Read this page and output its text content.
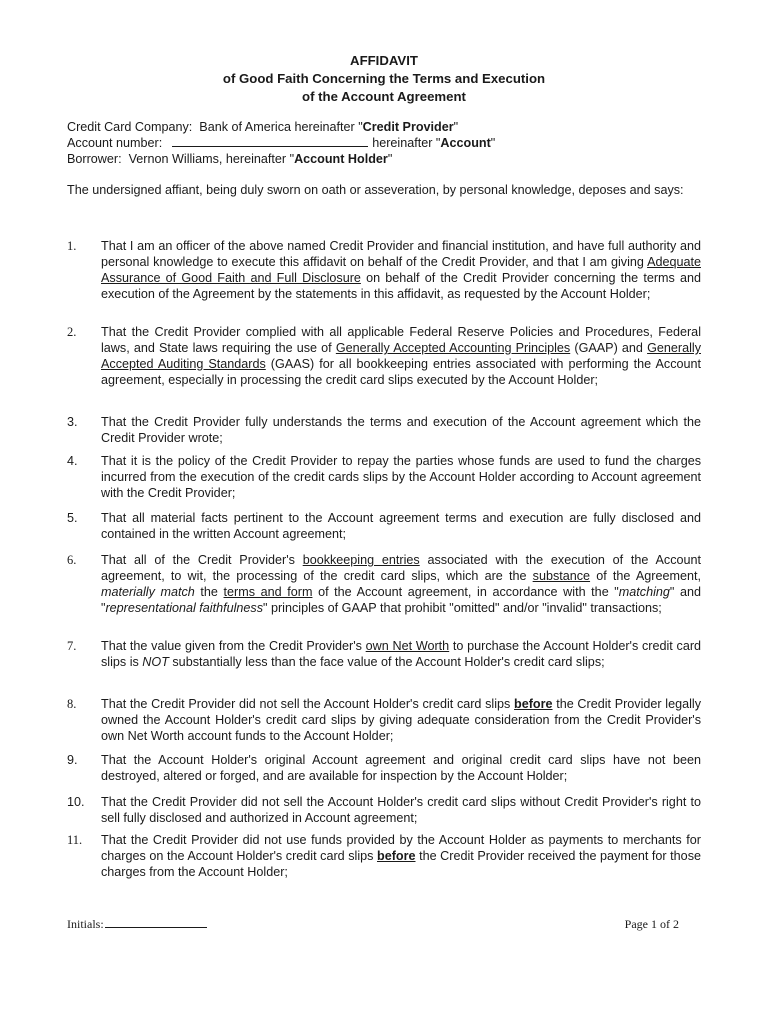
AFFIDAVIT
of Good Faith Concerning the Terms and Execution
of the Account Agreement
Credit Card Company: Bank of America hereinafter "Credit Provider"
Account number:	hereinafter "Account"
Borrower: Vernon Williams, hereinafter "Account Holder"
The undersigned affiant, being duly sworn on oath or asseveration, by personal knowledge, deposes and says:
1. That I am an officer of the above named Credit Provider and financial institution, and have full authority and personal knowledge to execute this affidavit on behalf of the Credit Provider, and that I am giving Adequate Assurance of Good Faith and Full Disclosure on behalf of the Credit Provider concerning the terms and execution of the Agreement by the statements in this affidavit, as requested by the Account Holder;
2. That the Credit Provider complied with all applicable Federal Reserve Policies and Procedures, Federal laws, and State laws requiring the use of Generally Accepted Accounting Principles (GAAP) and Generally Accepted Auditing Standards (GAAS) for all bookkeeping entries associated with performing the Account agreement, especially in processing the credit card slips executed by the Account Holder;
3. That the Credit Provider fully understands the terms and execution of the Account agreement which the Credit Provider wrote;
4. That it is the policy of the Credit Provider to repay the parties whose funds are used to fund the charges incurred from the execution of the credit cards slips by the Account Holder according to Account agreement with the Credit Provider;
5. That all material facts pertinent to the Account agreement terms and execution are fully disclosed and contained in the written Account agreement;
6. That all of the Credit Provider's bookkeeping entries associated with the execution of the Account agreement, to wit, the processing of the credit card slips, which are the substance of the Agreement, materially match the terms and form of the Account agreement, in accordance with the "matching" and "representational faithfulness" principles of GAAP that prohibit "omitted" and/or "invalid" transactions;
7. That the value given from the Credit Provider's own Net Worth to purchase the Account Holder's credit card slips is NOT substantially less than the face value of the Account Holder's credit card slips;
8. That the Credit Provider did not sell the Account Holder's credit card slips before the Credit Provider legally owned the Account Holder's credit card slips by giving adequate consideration from the Credit Provider's own Net Worth account funds to the Account Holder;
9. That the Account Holder's original Account agreement and original credit card slips have not been destroyed, altered or forged, and are available for inspection by the Account Holder;
10. That the Credit Provider did not sell the Account Holder's credit card slips without Credit Provider's right to sell fully disclosed and authorized in Account agreement;
11. That the Credit Provider did not use funds provided by the Account Holder as payments to merchants for charges on the Account Holder's credit card slips before the Credit Provider received the payment for those charges from the Account Holder;
Initials:	Page 1 of 2
